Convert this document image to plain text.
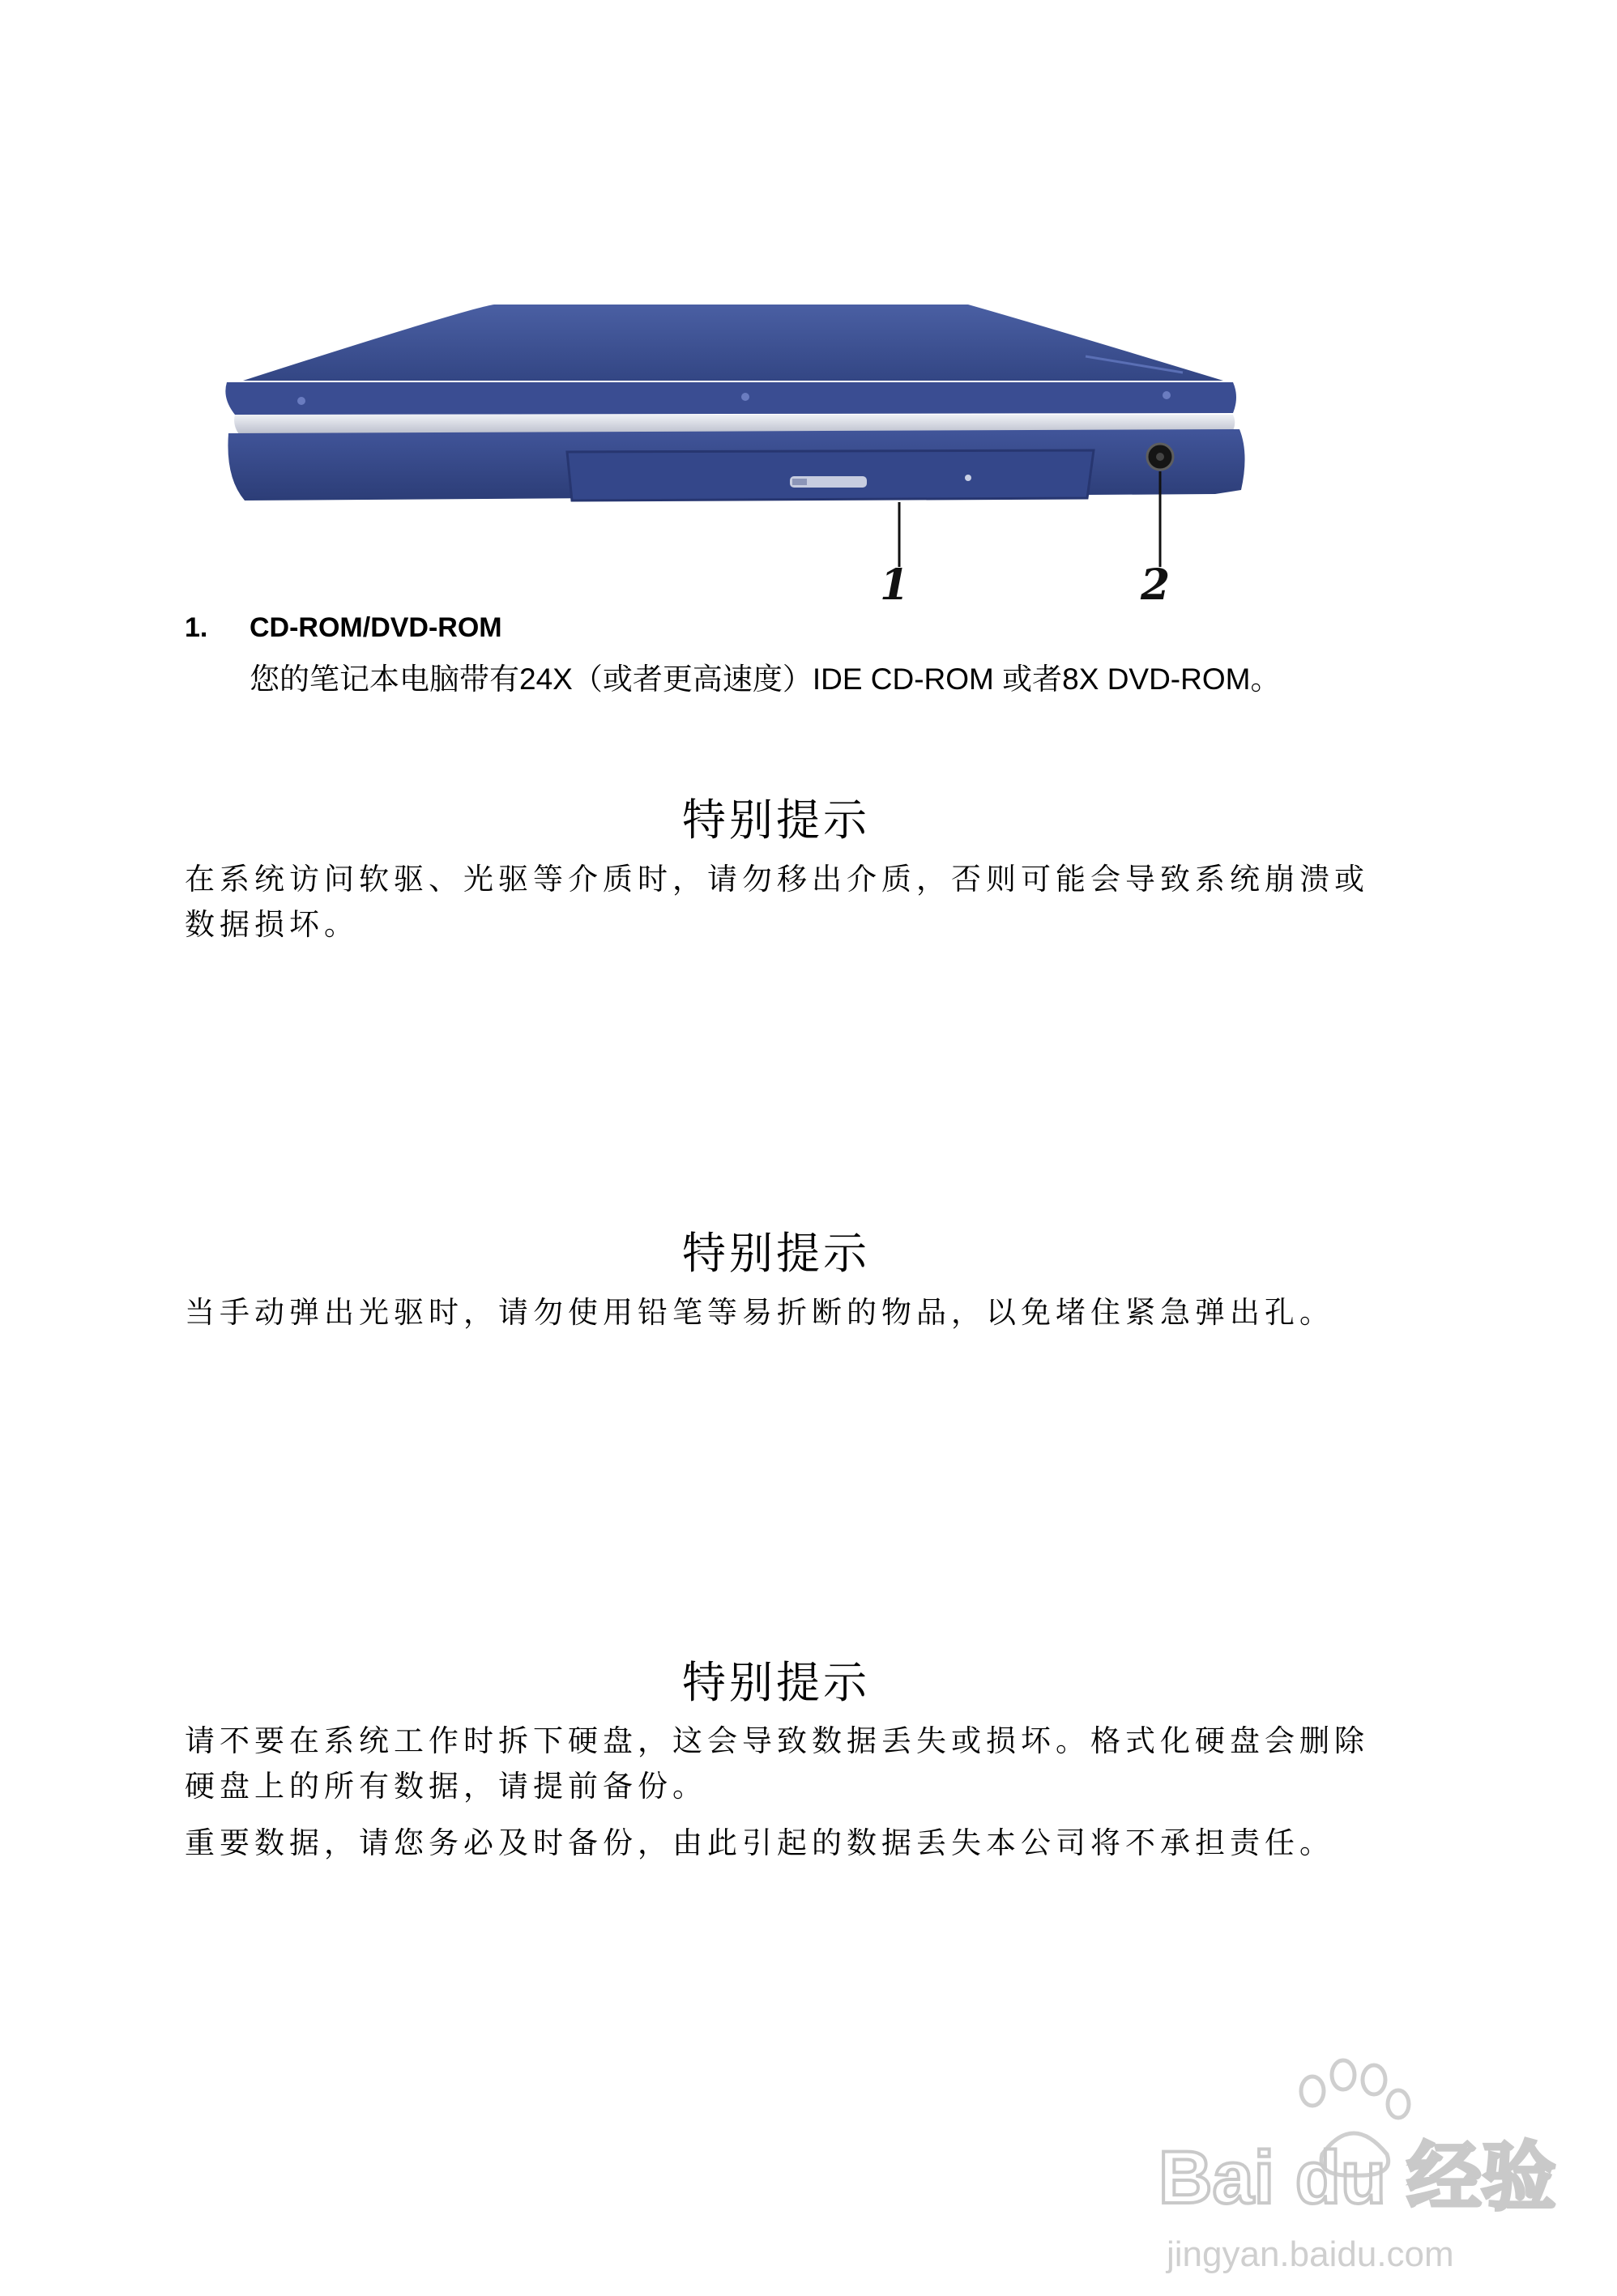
1	2
1. CD-ROM/DVD-ROM
您的笔记本电脑带有24X（或者更高速度）IDE CD-ROM 或者8X DVD-ROM。
特别提示

在系统访问软驱、光驱等介质时，请勿移出介质，否则可能会导致系统崩溃或数据损坏。

特别提示

当手动弹出光驱时，请勿使用铅笔等易折断的物品，以免堵住紧急弹出孔。

特别提示

请不要在系统工作时拆下硬盘，这会导致数据丢失或损坏。格式化硬盘会删除硬盘上的所有数据，请提前备份。

重要数据，请您务必及时备份，由此引起的数据丢失本公司将不承担责任。

Bai du 经验
jingyan.baidu.com
